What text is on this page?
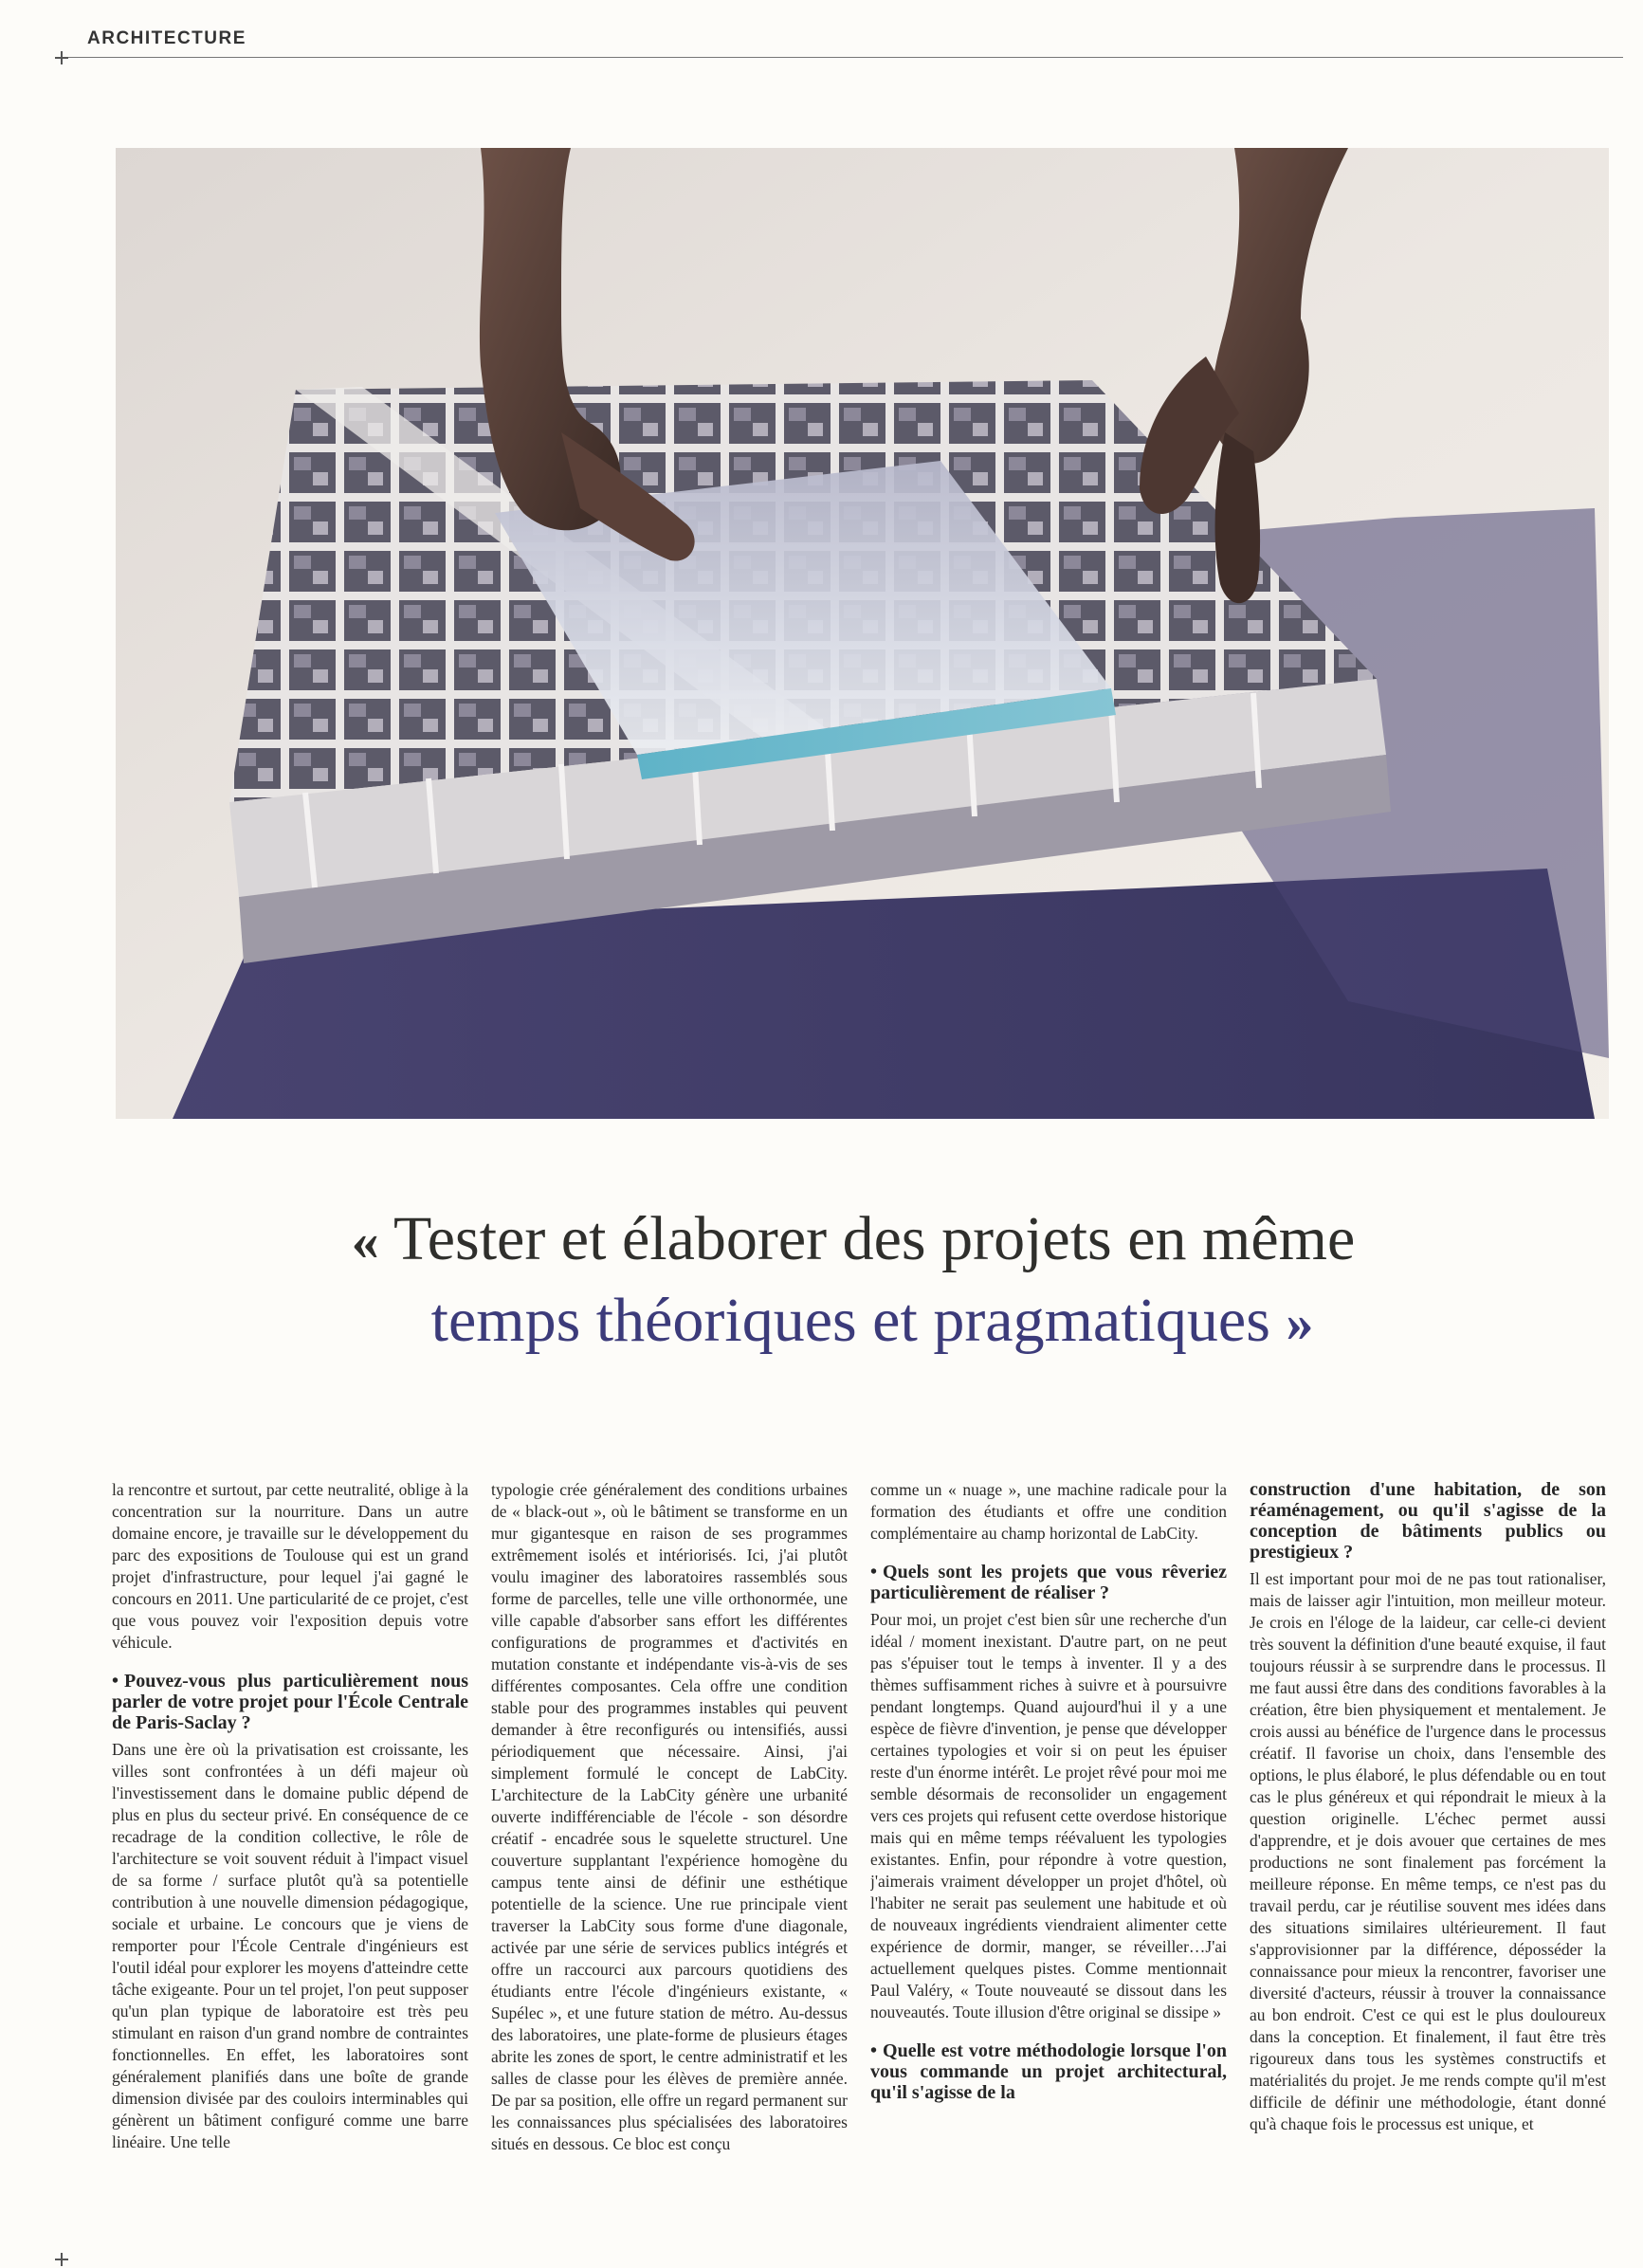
ARCHITECTURE
« Tester et élaborer des projets en même
temps théoriques et pragmatiques »

la rencontre et surtout, par cette neutralité, oblige à la concentration sur la nourriture. Dans un autre domaine encore, je travaille sur le développement du parc des expositions de Toulouse qui est un grand projet d'infrastructure, pour lequel j'ai gagné le concours en 2011. Une particularité de ce projet, c'est que vous pouvez voir l'exposition depuis votre véhicule.

• Pouvez-vous plus particulièrement nous parler de votre projet pour l'École Centrale de Paris-Saclay ?

Dans une ère où la privatisation est croissante, les villes sont confrontées à un défi majeur où l'investissement dans le domaine public dépend de plus en plus du secteur privé. En conséquence de ce recadrage de la condition collective, le rôle de l'architecture se voit souvent réduit à l'impact visuel de sa forme / surface plutôt qu'à sa potentielle contribution à une nouvelle dimension pédagogique, sociale et urbaine. Le concours que je viens de remporter pour l'École Centrale d'ingénieurs est l'outil idéal pour explorer les moyens d'atteindre cette tâche exigeante. Pour un tel projet, l'on peut supposer qu'un plan typique de laboratoire est très peu stimulant en raison d'un grand nombre de contraintes fonctionnelles. En effet, les laboratoires sont généralement planifiés dans une boîte de grande dimension divisée par des couloirs interminables qui génèrent un bâtiment configuré comme une barre linéaire. Une telle

typologie crée généralement des conditions urbaines de « black-out », où le bâtiment se transforme en un mur gigantesque en raison de ses programmes extrêmement isolés et intériorisés. Ici, j'ai plutôt voulu imaginer des laboratoires rassemblés sous forme de parcelles, telle une ville orthonormée, une ville capable d'absorber sans effort les différentes configurations de programmes et d'activités en mutation constante et indépendante vis-à-vis de ses différentes composantes. Cela offre une condition stable pour des programmes instables qui peuvent demander à être reconfigurés ou intensifiés, aussi périodiquement que nécessaire. Ainsi, j'ai simplement formulé le concept de LabCity. L'architecture de la LabCity génère une urbanité ouverte indifférenciable de l'école - son désordre créatif - encadrée sous le squelette structurel. Une couverture supplantant l'expérience homogène du campus tente ainsi de définir une esthétique potentielle de la science. Une rue principale vient traverser la LabCity sous forme d'une diagonale, activée par une série de services publics intégrés et offre un raccourci aux parcours quotidiens des étudiants entre l'école d'ingénieurs existante, « Supélec », et une future station de métro. Au-dessus des laboratoires, une plate-forme de plusieurs étages abrite les zones de sport, le centre administratif et les salles de classe pour les élèves de première année. De par sa position, elle offre un regard permanent sur les connaissances plus spécialisées des laboratoires situés en dessous. Ce bloc est conçu

comme un « nuage », une machine radicale pour la formation des étudiants et offre une condition complémentaire au champ horizontal de LabCity.

• Quels sont les projets que vous rêveriez particulièrement de réaliser ?

Pour moi, un projet c'est bien sûr une recherche d'un idéal / moment inexistant. D'autre part, on ne peut pas s'épuiser tout le temps à inventer. Il y a des thèmes suffisamment riches à suivre et à poursuivre pendant longtemps. Quand aujourd'hui il y a une espèce de fièvre d'invention, je pense que développer certaines typologies et voir si on peut les épuiser reste d'un énorme intérêt. Le projet rêvé pour moi me semble désormais de reconsolider un engagement vers ces projets qui refusent cette overdose historique mais qui en même temps réévaluent les typologies existantes. Enfin, pour répondre à votre question, j'aimerais vraiment développer un projet d'hôtel, où l'habiter ne serait pas seulement une habitude et où de nouveaux ingrédients viendraient alimenter cette expérience de dormir, manger, se réveiller…J'ai actuellement quelques pistes. Comme mentionnait Paul Valéry, « Toute nouveauté se dissout dans les nouveautés. Toute illusion d'être original se dissipe »

• Quelle est votre méthodologie lorsque l'on vous commande un projet architectural, qu'il s'agisse de la
construction d'une habitation, de son réaménagement, ou qu'il s'agisse de la conception de bâtiments publics ou prestigieux ?

Il est important pour moi de ne pas tout rationaliser, mais de laisser agir l'intuition, mon meilleur moteur. Je crois en l'éloge de la laideur, car celle-ci devient très souvent la définition d'une beauté exquise, il faut toujours réussir à se surprendre dans le processus. Il me faut aussi être dans des conditions favorables à la création, être bien physiquement et mentalement. Je crois aussi au bénéfice de l'urgence dans le processus créatif. Il favorise un choix, dans l'ensemble des options, le plus élaboré, le plus défendable ou en tout cas le plus généreux et qui répondrait le mieux à la question originelle. L'échec permet aussi d'apprendre, et je dois avouer que certaines de mes productions ne sont finalement pas forcément la meilleure réponse. En même temps, ce n'est pas du travail perdu, car je réutilise souvent mes idées dans des situations similaires ultérieurement. Il faut s'approvisionner par la différence, déposséder la connaissance pour mieux la rencontrer, favoriser une diversité d'acteurs, réussir à trouver la connaissance au bon endroit. C'est ce qui est le plus douloureux dans la conception. Et finalement, il faut être très rigoureux dans tous les systèmes constructifs et matérialités du projet. Je me rends compte qu'il m'est difficile de définir une méthodologie, étant donné qu'à chaque fois le processus est unique, et
